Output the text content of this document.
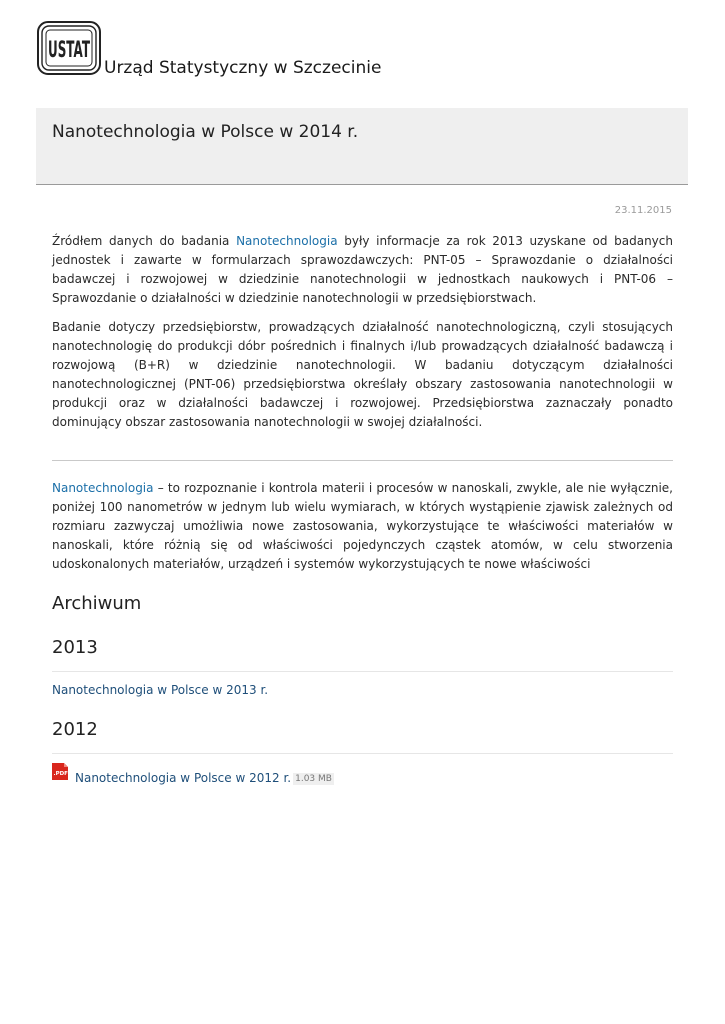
USTAT
Urząd Statystyczny w Szczecinie
Nanotechnologia w Polsce w 2014 r.
23.11.2015

Źródłem danych do badania Nanotechnologia były informacje za rok 2013 uzyskane od badanych jednostek i zawarte w formularzach sprawozdawczych: PNT-05 – Sprawozdanie o działalności badawczej i rozwojowej w dziedzinie nanotechnologii w jednostkach naukowych i PNT-06 – Sprawozdanie o działalności w dziedzinie nanotechnologii w przedsiębiorstwach.

Badanie dotyczy przedsiębiorstw, prowadzących działalność nanotechnologiczną, czyli stosujących nanotechnologię do produkcji dóbr pośrednich i finalnych i/lub prowadzących działalność badawczą i rozwojową (B+R) w dziedzinie nanotechnologii. W badaniu dotyczącym działalności nanotechnologicznej (PNT-06) przedsiębiorstwa określały obszary zastosowania nanotechnologii w produkcji oraz w działalności badawczej i rozwojowej. Przedsiębiorstwa zaznaczały ponadto dominujący obszar zastosowania nanotechnologii w swojej działalności.

Nanotechnologia – to rozpoznanie i kontrola materii i procesów w nanoskali, zwykle, ale nie wyłącznie, poniżej 100 nanometrów w jednym lub wielu wymiarach, w których wystąpienie zjawisk zależnych od rozmiaru zazwyczaj umożliwia nowe zastosowania, wykorzystujące te właściwości materiałów w nanoskali, które różnią się od właściwości pojedynczych cząstek atomów, w celu stworzenia udoskonalonych materiałów, urządzeń i systemów wykorzystujących te nowe właściwości

Archiwum
2013
Nanotechnologia w Polsce w 2013 r.
2012
.PDF Nanotechnologia w Polsce w 2012 r. 1.03 MB
